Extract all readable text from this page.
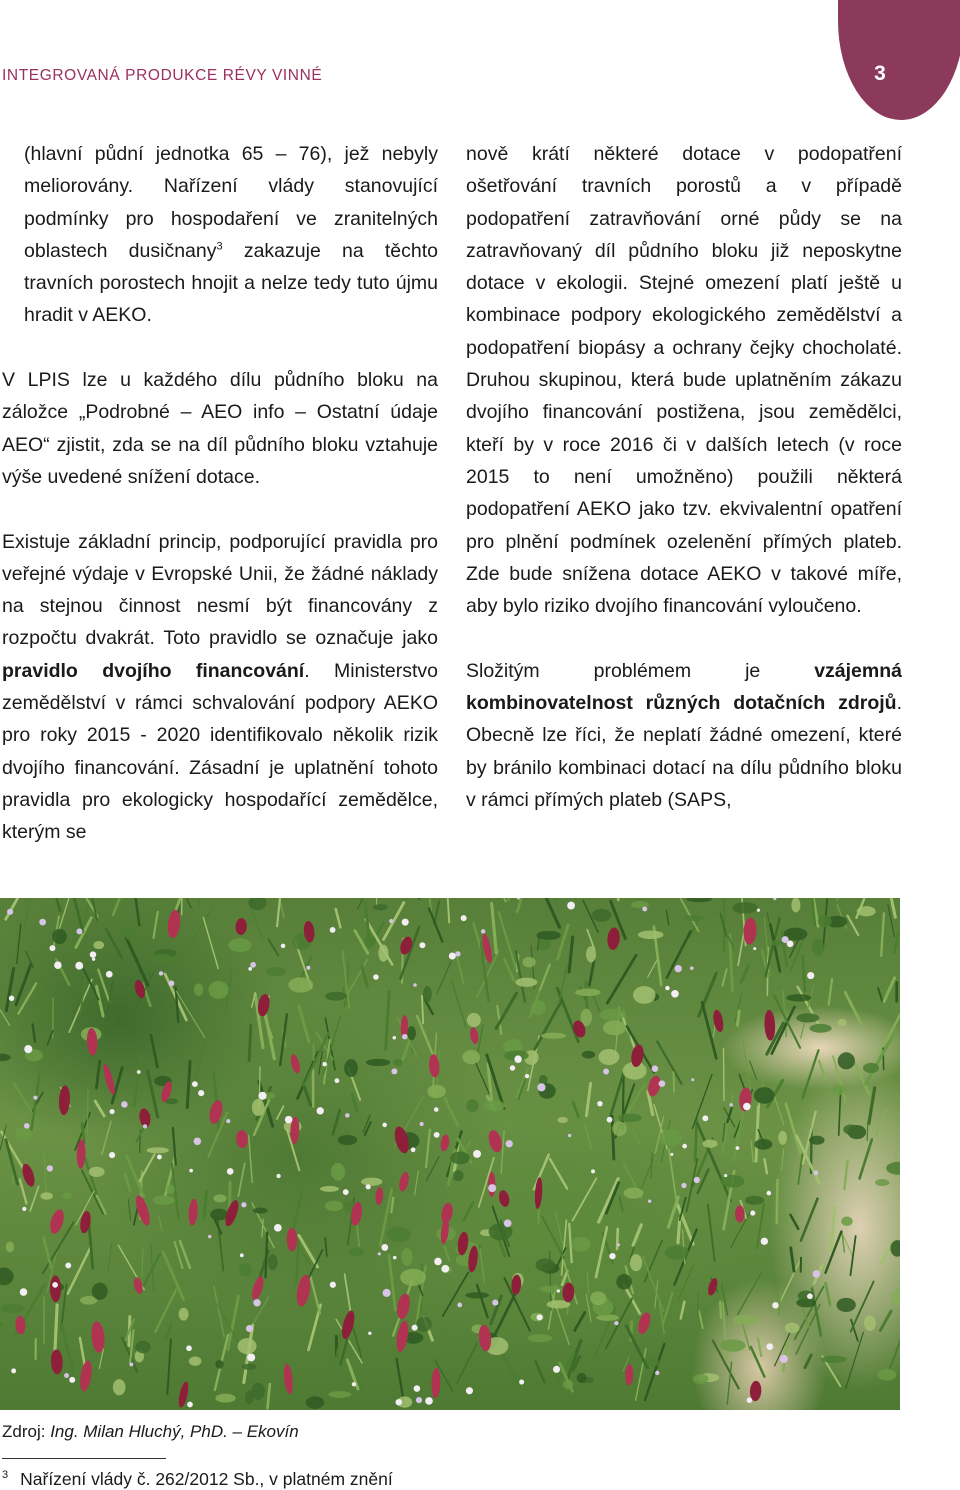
3
INTEGROVANÁ PRODUKCE RÉVY VINNÉ

(hlavní půdní jednotka 65 – 76), jež nebyly meliorovány. Nařízení vlády stanovující podmínky pro hospodaření ve zranitelných oblastech dusičnany$^3$ zakazuje na těchto travních porostech hnojit a nelze tedy tuto újmu hradit v AEKO.

V LPIS lze u každého dílu půdního bloku na záložce „Podrobné – AEO info – Ostatní údaje AEO“ zjistit, zda se na díl půdního bloku vztahuje výše uvedené snížení dotace.

Existuje základní princip, podporující pravidla pro veřejné výdaje v Evropské Unii, že žádné náklady na stejnou činnost nesmí být financovány z rozpočtu dvakrát. Toto pravidlo se označuje jako pravidlo dvojího financování. Ministerstvo zemědělství v rámci schvalování podpory AEKO pro roky 2015 - 2020 identifikovalo několik rizik dvojího financování. Zásadní je uplatnění tohoto pravidla pro ekologicky hospodařící zemědělce, kterým se

nově krátí některé dotace v podopatření ošetřování travních porostů a v případě podopatření zatravňování orné půdy se na zatravňovaný díl půdního bloku již neposkytne dotace v ekologii. Stejné omezení platí ještě u kombinace podpory ekologického zemědělství a podopatření biopásy a ochrany čejky chocholaté. Druhou skupinou, která bude uplatněním zákazu dvojího financování postižena, jsou zemědělci, kteří by v roce 2016 či v dalších letech (v roce 2015 to není umožněno) použili některá podopatření AEKO jako tzv. ekvivalentní opatření pro plnění podmínek ozelenění přímých plateb. Zde bude snížena dotace AEKO v takové míře, aby bylo riziko dvojího financování vyloučeno.

Složitým problémem je vzájemná kombinovatelnost různých dotačních zdrojů. Obecně lze říci, že neplatí žádné omezení, které by bránilo kombinaci dotací na dílu půdního bloku v rámci přímých plateb (SAPS,

Zdroj: Ing. Milan Hluchý, PhD. – Ekovín
$^3$ Nařízení vlády č. 262/2012 Sb., v platném znění
